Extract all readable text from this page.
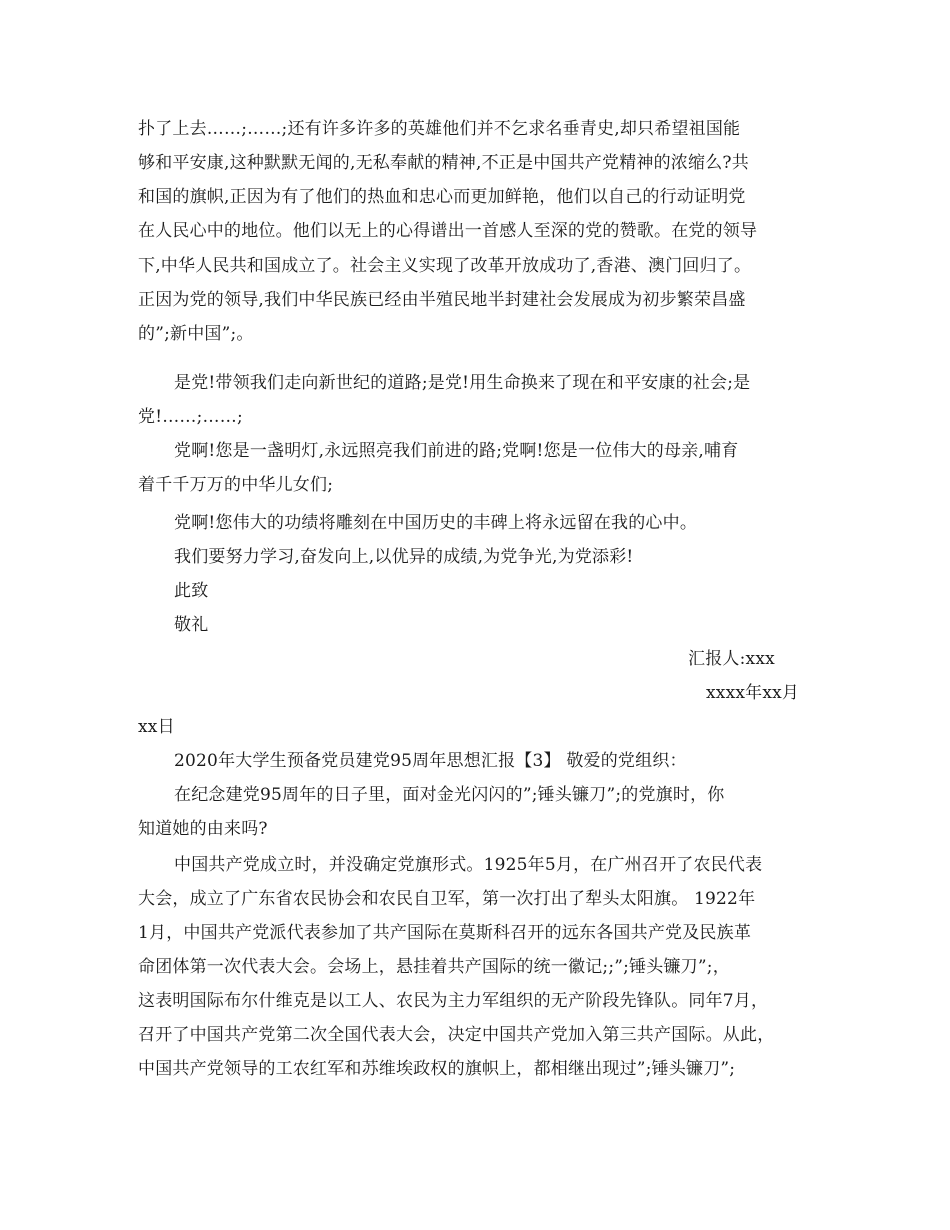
扑了上去……;……;还有许多许多的英雄他们并不乞求名垂青史,却只希望祖国能
够和平安康,这种默默无闻的,无私奉献的精神,不正是中国共产党精神的浓缩么?共
和国的旗帜,正因为有了他们的热血和忠心而更加鲜艳，他们以自己的行动证明党
在人民心中的地位。他们以无上的心得谱出一首感人至深的党的赞歌。在党的领导
下,中华人民共和国成立了。社会主义实现了改革开放成功了,香港、澳门回归了。
正因为党的领导,我们中华民族已经由半殖民地半封建社会发展成为初步繁荣昌盛
的”;新中国”;。
是党!带领我们走向新世纪的道路;是党!用生命换来了现在和平安康的社会;是
党!……;……;
党啊!您是一盏明灯,永远照亮我们前进的路;党啊!您是一位伟大的母亲,哺育
着千千万万的中华儿女们;
党啊!您伟大的功绩将雕刻在中国历史的丰碑上将永远留在我的心中。
我们要努力学习,奋发向上,以优异的成绩,为党争光,为党添彩!
此致
敬礼
汇报人:xxx
xxxx年xx月
xx日
2020年大学生预备党员建党95周年思想汇报【3】 敬爱的党组织：
在纪念建党95周年的日子里，面对金光闪闪的”;锤头镰刀”;的党旗时，你
知道她的由来吗?
中国共产党成立时，并没确定党旗形式。1925年5月，在广州召开了农民代表
大会，成立了广东省农民协会和农民自卫军，第一次打出了犁头太阳旗。 1922年
1月，中国共产党派代表参加了共产国际在莫斯科召开的远东各国共产党及民族革
命团体第一次代表大会。会场上，悬挂着共产国际的统一徽记;;”;锤头镰刀”;，
这表明国际布尔什维克是以工人、农民为主力军组织的无产阶段先锋队。同年7月，
召开了中国共产党第二次全国代表大会，决定中国共产党加入第三共产国际。从此，
中国共产党领导的工农红军和苏维埃政权的旗帜上，都相继出现过”;锤头镰刀”;
